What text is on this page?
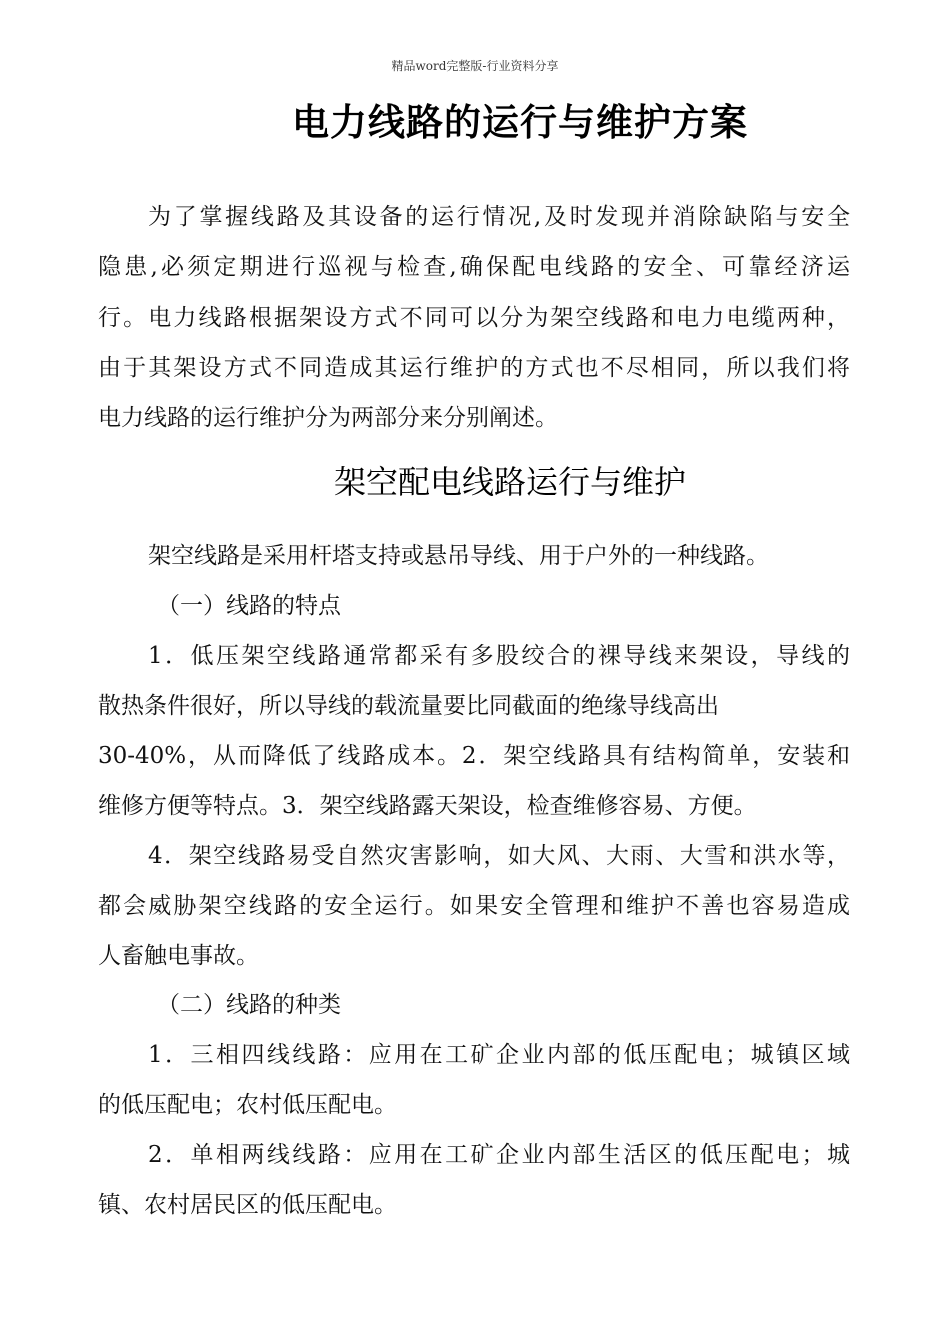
精品word完整版-行业资料分享
电力线路的运行与维护方案
为了掌握线路及其设备的运行情况,及时发现并消除缺陷与安全
隐患,必须定期进行巡视与检查,确保配电线路的安全、可靠经济运
行。电力线路根据架设方式不同可以分为架空线路和电力电缆两种，
由于其架设方式不同造成其运行维护的方式也不尽相同，所以我们将
电力线路的运行维护分为两部分来分别阐述。
架空配电线路运行与维护
架空线路是采用杆塔支持或悬吊导线、用于户外的一种线路。
（一）线路的特点
1．低压架空线路通常都采有多股绞合的裸导线来架设，导线的
散热条件很好，所以导线的载流量要比同截面的绝缘导线高出
30-40%，从而降低了线路成本。2．架空线路具有结构简单，安装和
维修方便等特点。3．架空线路露天架设，检查维修容易、方便。
4．架空线路易受自然灾害影响，如大风、大雨、大雪和洪水等，
都会威胁架空线路的安全运行。如果安全管理和维护不善也容易造成
人畜触电事故。
（二）线路的种类
1．三相四线线路：应用在工矿企业内部的低压配电；城镇区域
的低压配电；农村低压配电。
2．单相两线线路：应用在工矿企业内部生活区的低压配电；城
镇、农村居民区的低压配电。
